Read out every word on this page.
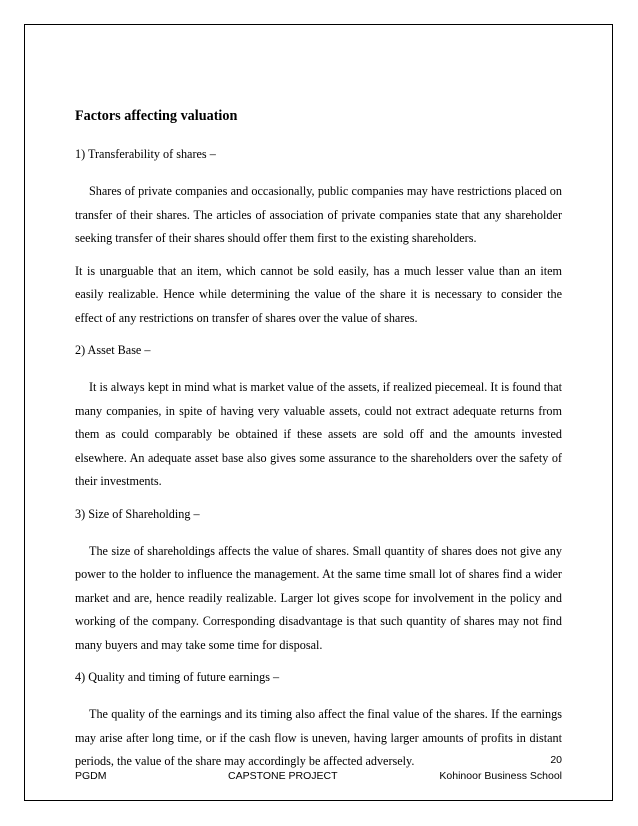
Factors affecting valuation

1) Transferability of shares –

Shares of private companies and occasionally, public companies may have restrictions placed on transfer of their shares. The articles of association of private companies state that any shareholder seeking transfer of their shares should offer them first to the existing shareholders.

It is unarguable that an item, which cannot be sold easily, has a much lesser value than an item easily realizable. Hence while determining the value of the share it is necessary to consider the effect of any restrictions on transfer of shares over the value of shares.

2) Asset Base –

It is always kept in mind what is market value of the assets, if realized piecemeal. It is found that many companies, in spite of having very valuable assets, could not extract adequate returns from them as could comparably be obtained if these assets are sold off and the amounts invested elsewhere. An adequate asset base also gives some assurance to the shareholders over the safety of their investments.

3) Size of Shareholding –

The size of shareholdings affects the value of shares. Small quantity of shares does not give any power to the holder to influence the management. At the same time small lot of shares find a wider market and are, hence readily realizable. Larger lot gives scope for involvement in the policy and working of the company. Corresponding disadvantage is that such quantity of shares may not find many buyers and may take some time for disposal.

4) Quality and timing of future earnings –

The quality of the earnings and its timing also affect the final value of the shares. If the earnings may arise after long time, or if the cash flow is uneven, having larger amounts of profits in distant periods, the value of the share may accordingly be affected adversely.	20
PGDM	CAPSTONE PROJECT	Kohinoor Business School
